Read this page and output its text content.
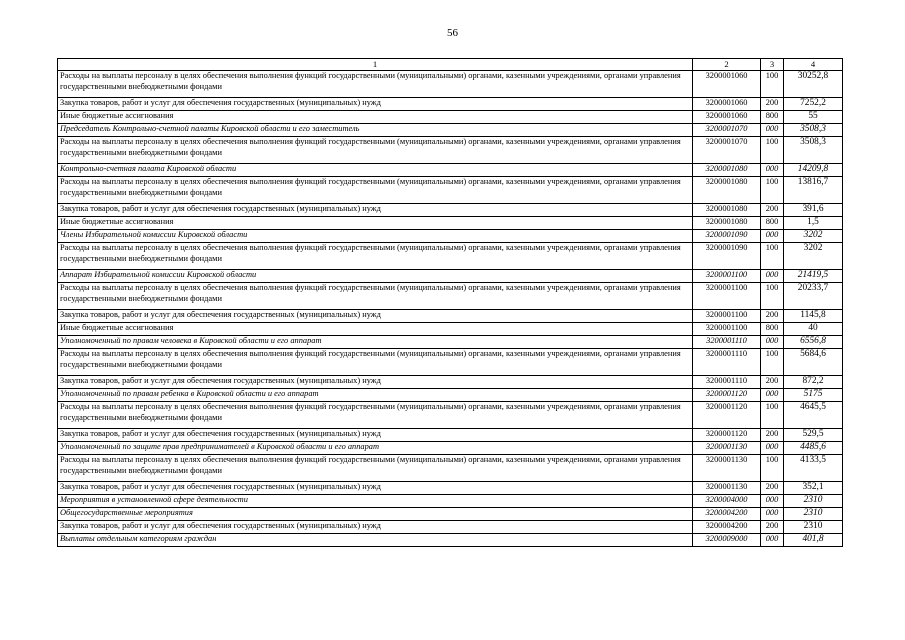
56
1	2	3	4
Расходы на выплаты персоналу в целях обеспечения выполнения функций государственными (муниципальными) органами, казенными учреждениями, органами управления государственными внебюджетными фондами	3200001060	100	30252,8
Закупка товаров, работ и услуг для обеспечения государственных (муниципальных) нужд	3200001060	200	7252,2
Иные бюджетные ассигнования	3200001060	800	55
Председатель Контрольно-счетной палаты Кировской области и его заместитель	3200001070	000	3508,3
Расходы на выплаты персоналу в целях обеспечения выполнения функций государственными (муниципальными) органами, казенными учреждениями, органами управления государственными внебюджетными фондами	3200001070	100	3508,3
Контрольно-счетная палата Кировской области	3200001080	000	14209,8
Расходы на выплаты персоналу в целях обеспечения выполнения функций государственными (муниципальными) органами, казенными учреждениями, органами управления государственными внебюджетными фондами	3200001080	100	13816,7
Закупка товаров, работ и услуг для обеспечения государственных (муниципальных) нужд	3200001080	200	391,6
Иные бюджетные ассигнования	3200001080	800	1,5
Члены Избирательной комиссии Кировской области	3200001090	000	3202
Расходы на выплаты персоналу в целях обеспечения выполнения функций государственными (муниципальными) органами, казенными учреждениями, органами управления государственными внебюджетными фондами	3200001090	100	3202
Аппарат Избирательной комиссии Кировской области	3200001100	000	21419,5
Расходы на выплаты персоналу в целях обеспечения выполнения функций государственными (муниципальными) органами, казенными учреждениями, органами управления государственными внебюджетными фондами	3200001100	100	20233,7
Закупка товаров, работ и услуг для обеспечения государственных (муниципальных) нужд	3200001100	200	1145,8
Иные бюджетные ассигнования	3200001100	800	40
Уполномоченный по правам человека в Кировской области и его аппарат	3200001110	000	6556,8
Расходы на выплаты персоналу в целях обеспечения выполнения функций государственными (муниципальными) органами, казенными учреждениями, органами управления государственными внебюджетными фондами	3200001110	100	5684,6
Закупка товаров, работ и услуг для обеспечения государственных (муниципальных) нужд	3200001110	200	872,2
Уполномоченный по правам ребенка в Кировской области и его аппарат	3200001120	000	5175
Расходы на выплаты персоналу в целях обеспечения выполнения функций государственными (муниципальными) органами, казенными учреждениями, органами управления государственными внебюджетными фондами	3200001120	100	4645,5
Закупка товаров, работ и услуг для обеспечения государственных (муниципальных) нужд	3200001120	200	529,5
Уполномоченный по защите прав предпринимателей в Кировской области и его аппарат	3200001130	000	4485,6
Расходы на выплаты персоналу в целях обеспечения выполнения функций государственными (муниципальными) органами, казенными учреждениями, органами управления государственными внебюджетными фондами	3200001130	100	4133,5
Закупка товаров, работ и услуг для обеспечения государственных (муниципальных) нужд	3200001130	200	352,1
Мероприятия в установленной сфере деятельности	3200004000	000	2310
Общегосударственные мероприятия	3200004200	000	2310
Закупка товаров, работ и услуг для обеспечения государственных (муниципальных) нужд	3200004200	200	2310
Выплаты отдельным категориям граждан	3200009000	000	401,8
